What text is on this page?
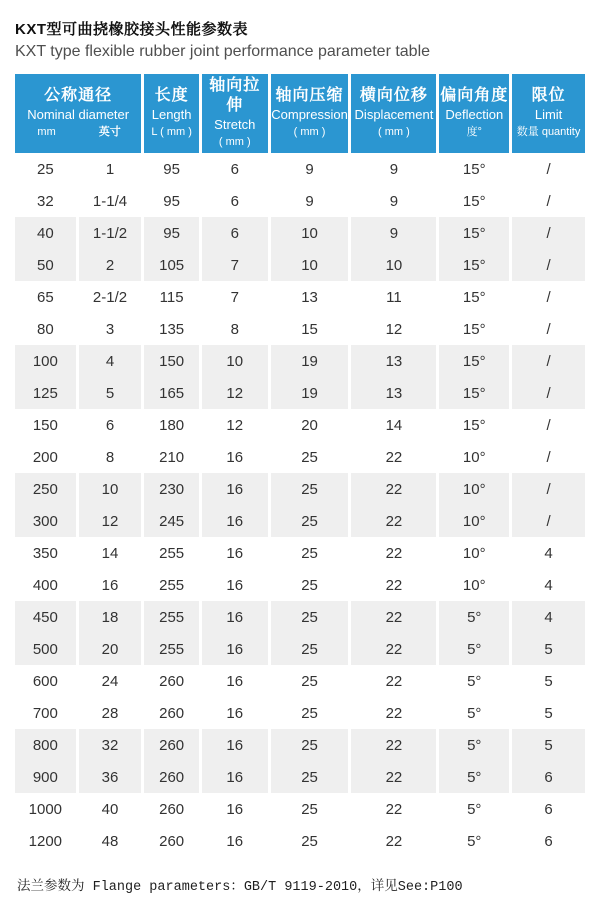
KXT型可曲挠橡胶接头性能参数表
KXT type flexible rubber joint performance parameter table
公称通径
Nominal diameter
mm	英寸

长度
Length
L ( mm )

轴向拉伸
Stretch
( mm )

轴向压缩
Compression
( mm )

横向位移
Displacement
( mm )

偏向角度
Deflection
度°

限位
Limit
数量 quantity

25	1	95	6	9	9	15°	/
32	1-1/4	95	6	9	9	15°	/
40	1-1/2	95	6	10	9	15°	/
50	2	105	7	10	10	15°	/
65	2-1/2	115	7	13	11	15°	/
80	3	135	8	15	12	15°	/
100	4	150	10	19	13	15°	/
125	5	165	12	19	13	15°	/
150	6	180	12	20	14	15°	/
200	8	210	16	25	22	10°	/
250	10	230	16	25	22	10°	/
300	12	245	16	25	22	10°	/
350	14	255	16	25	22	10°	4
400	16	255	16	25	22	10°	4
450	18	255	16	25	22	5°	4
500	20	255	16	25	22	5°	5
600	24	260	16	25	22	5°	5
700	28	260	16	25	22	5°	5
800	32	260	16	25	22	5°	5
900	36	260	16	25	22	5°	6
1000	40	260	16	25	22	5°	6
1200	48	260	16	25	22	5°	6
法兰参数为 Flange parameters：GB/T 9119-2010，详见See:P100
